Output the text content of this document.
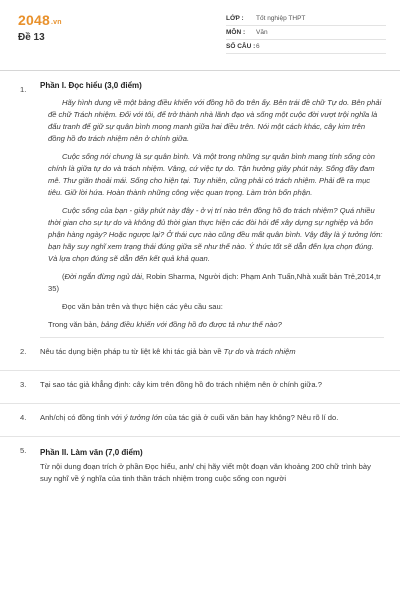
2048.vn
Đề 13
LỚP :	Tốt nghiệp THPT
MÔN :	Văn
SỐ CÂU : 6
1. Phần I. Đọc hiểu (3,0 điểm)

Hãy hình dung về một bảng điều khiển với đồng hồ đo trên ấy. Bên trái đề chữ Tự do. Bên phải đề chữ Trách nhiệm. Đối với tôi, để trở thành nhà lãnh đạo và sống một cuộc đời vượt trội nghĩa là đấu tranh để giữ sự quân bình mong manh giữa hai điều trên. Nói một cách khác, cây kim trên đồng hồ đo trách nhiệm nên ở chính giữa.

Cuộc sống nói chung là sự quân bình. Và một trong những sự quân bình mang tính sống còn chính là giữa tự do và trách nhiệm. Vâng, cứ việc tự do. Tận hưởng giây phút này. Sống đầy đam mê. Thư giãn thoải mái. Sống cho hiện tại. Tuy nhiên, cũng phải có trách nhiệm. Phải đề ra mục tiêu. Giữ lời hứa. Hoàn thành những công việc quan trọng. Làm tròn bổn phận.

Cuộc sống của bạn - giây phút này đây - ở vị trí nào trên đồng hồ đo trách nhiệm? Quá nhiều thời gian cho sự tự do và không đủ thời gian thực hiện các đòi hỏi để xây dựng sự nghiệp và bổn phận hàng ngày? Hoặc ngược lại? Ở thái cực nào cũng đều mất quân bình. Vậy đây là ý tưởng lớn: bạn hãy suy nghĩ xem trạng thái đúng giữa sẽ như thế nào. Ý thức tốt sẽ dẫn đến lựa chọn đúng. Và lựa chọn đúng sẽ dẫn đến kết quả khả quan.

(Đời ngắn đừng ngủ dài, Robin Sharma, Người dịch: Phạm Anh Tuấn,Nhà xuất bản Trẻ,2014,tr 35)

Đọc văn bản trên và thực hiện các yêu cầu sau:

Trong văn bản, bảng điều khiển với đồng hồ đo được tả như thế nào?

2. Nêu tác dụng biện pháp tu từ liệt kê khi tác giả bàn về Tự do và trách nhiệm
3. Tại sao tác giả khẳng định: cây kim trên đồng hồ đo trách nhiệm nên ở chính giữa.?
4. Anh/chị có đồng tình với ý tưởng lớn của tác giả ở cuối văn bản hay không? Nêu rõ lí do.
5. Phần II. Làm văn (7,0 điểm)
Từ nội dung đoạn trích ở phần Đọc hiểu, anh/ chị hãy viết một đoạn văn khoảng 200 chữ trình bày suy nghĩ về ý nghĩa của tinh thần trách nhiệm trong cuộc sống con người
